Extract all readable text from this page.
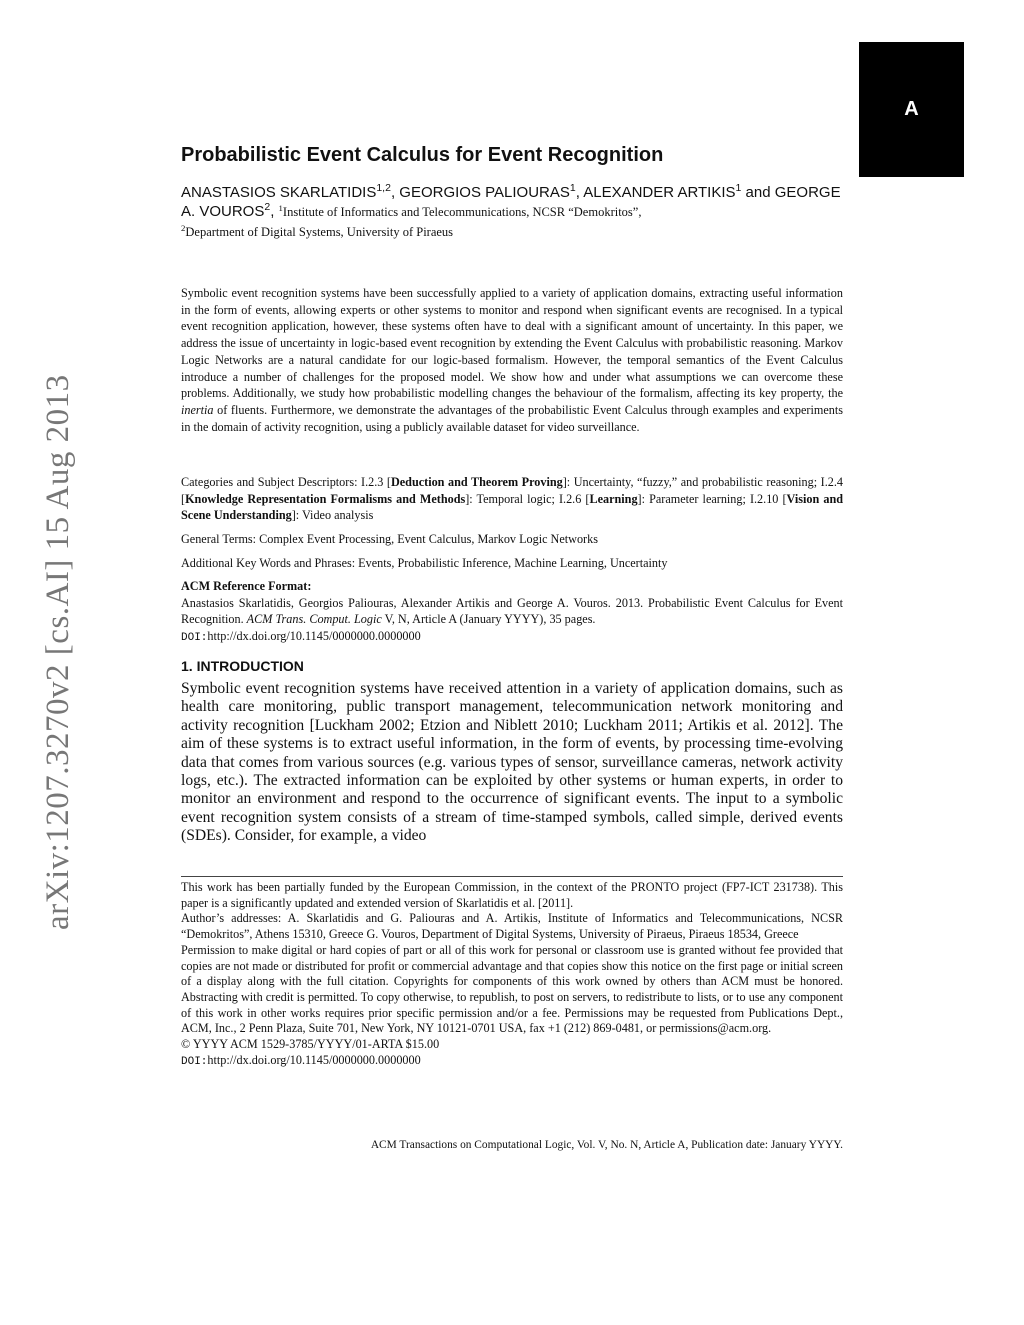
A
arXiv:1207.3270v2 [cs.AI] 15 Aug 2013
Probabilistic Event Calculus for Event Recognition
ANASTASIOS SKARLATIDIS$^{1,2}$, GEORGIOS PALIOURAS$^1$, ALEXANDER ARTIKIS$^1$ and GEORGE A. VOUROS$^2$, $^1$Institute of Informatics and Telecommunications, NCSR “Demokritos”,
$^2$Department of Digital Systems, University of Piraeus
Symbolic event recognition systems have been successfully applied to a variety of application domains, extracting useful information in the form of events, allowing experts or other systems to monitor and respond when significant events are recognised. In a typical event recognition application, however, these systems often have to deal with a significant amount of uncertainty. In this paper, we address the issue of uncertainty in logic-based event recognition by extending the Event Calculus with probabilistic reasoning. Markov Logic Networks are a natural candidate for our logic-based formalism. However, the temporal semantics of the Event Calculus introduce a number of challenges for the proposed model. We show how and under what assumptions we can overcome these problems. Additionally, we study how probabilistic modelling changes the behaviour of the formalism, affecting its key property, the inertia of fluents. Furthermore, we demonstrate the advantages of the probabilistic Event Calculus through examples and experiments in the domain of activity recognition, using a publicly available dataset for video surveillance.
Categories and Subject Descriptors: I.2.3 [Deduction and Theorem Proving]: Uncertainty, “fuzzy,” and probabilistic reasoning; I.2.4 [Knowledge Representation Formalisms and Methods]: Temporal logic; I.2.6 [Learning]: Parameter learning; I.2.10 [Vision and Scene Understanding]: Video analysis
General Terms: Complex Event Processing, Event Calculus, Markov Logic Networks
Additional Key Words and Phrases: Events, Probabilistic Inference, Machine Learning, Uncertainty

ACM Reference Format:

Anastasios Skarlatidis, Georgios Paliouras, Alexander Artikis and George A. Vouros. 2013. Probabilistic Event Calculus for Event Recognition. ACM Trans. Comput. Logic V, N, Article A (January YYYY), 35 pages.
DOI:http://dx.doi.org/10.1145/0000000.0000000

1. INTRODUCTION
Symbolic event recognition systems have received attention in a variety of application domains, such as health care monitoring, public transport management, telecommunication network monitoring and activity recognition [Luckham 2002; Etzion and Niblett 2010; Luckham 2011; Artikis et al. 2012]. The aim of these systems is to extract useful information, in the form of events, by processing time-evolving data that comes from various sources (e.g. various types of sensor, surveillance cameras, network activity logs, etc.). The extracted information can be exploited by other systems or human experts, in order to monitor an environment and respond to the occurrence of significant events. The input to a symbolic event recognition system consists of a stream of time-stamped symbols, called simple, derived events (SDEs). Consider, for example, a video

This work has been partially funded by the European Commission, in the context of the PRONTO project (FP7-ICT 231738). This paper is a significantly updated and extended version of Skarlatidis et al. [2011].

Author’s addresses: A. Skarlatidis and G. Paliouras and A. Artikis, Institute of Informatics and Telecommunications, NCSR “Demokritos”, Athens 15310, Greece G. Vouros, Department of Digital Systems, University of Piraeus, Piraeus 18534, Greece

Permission to make digital or hard copies of part or all of this work for personal or classroom use is granted without fee provided that copies are not made or distributed for profit or commercial advantage and that copies show this notice on the first page or initial screen of a display along with the full citation. Copyrights for components of this work owned by others than ACM must be honored. Abstracting with credit is permitted. To copy otherwise, to republish, to post on servers, to redistribute to lists, or to use any component of this work in other works requires prior specific permission and/or a fee. Permissions may be requested from Publications Dept., ACM, Inc., 2 Penn Plaza, Suite 701, New York, NY 10121-0701 USA, fax +1 (212) 869-0481, or permissions@acm.org.

© YYYY ACM 1529-3785/YYYY/01-ARTA $15.00

DOI:http://dx.doi.org/10.1145/0000000.0000000

ACM Transactions on Computational Logic, Vol. V, No. N, Article A, Publication date: January YYYY.
